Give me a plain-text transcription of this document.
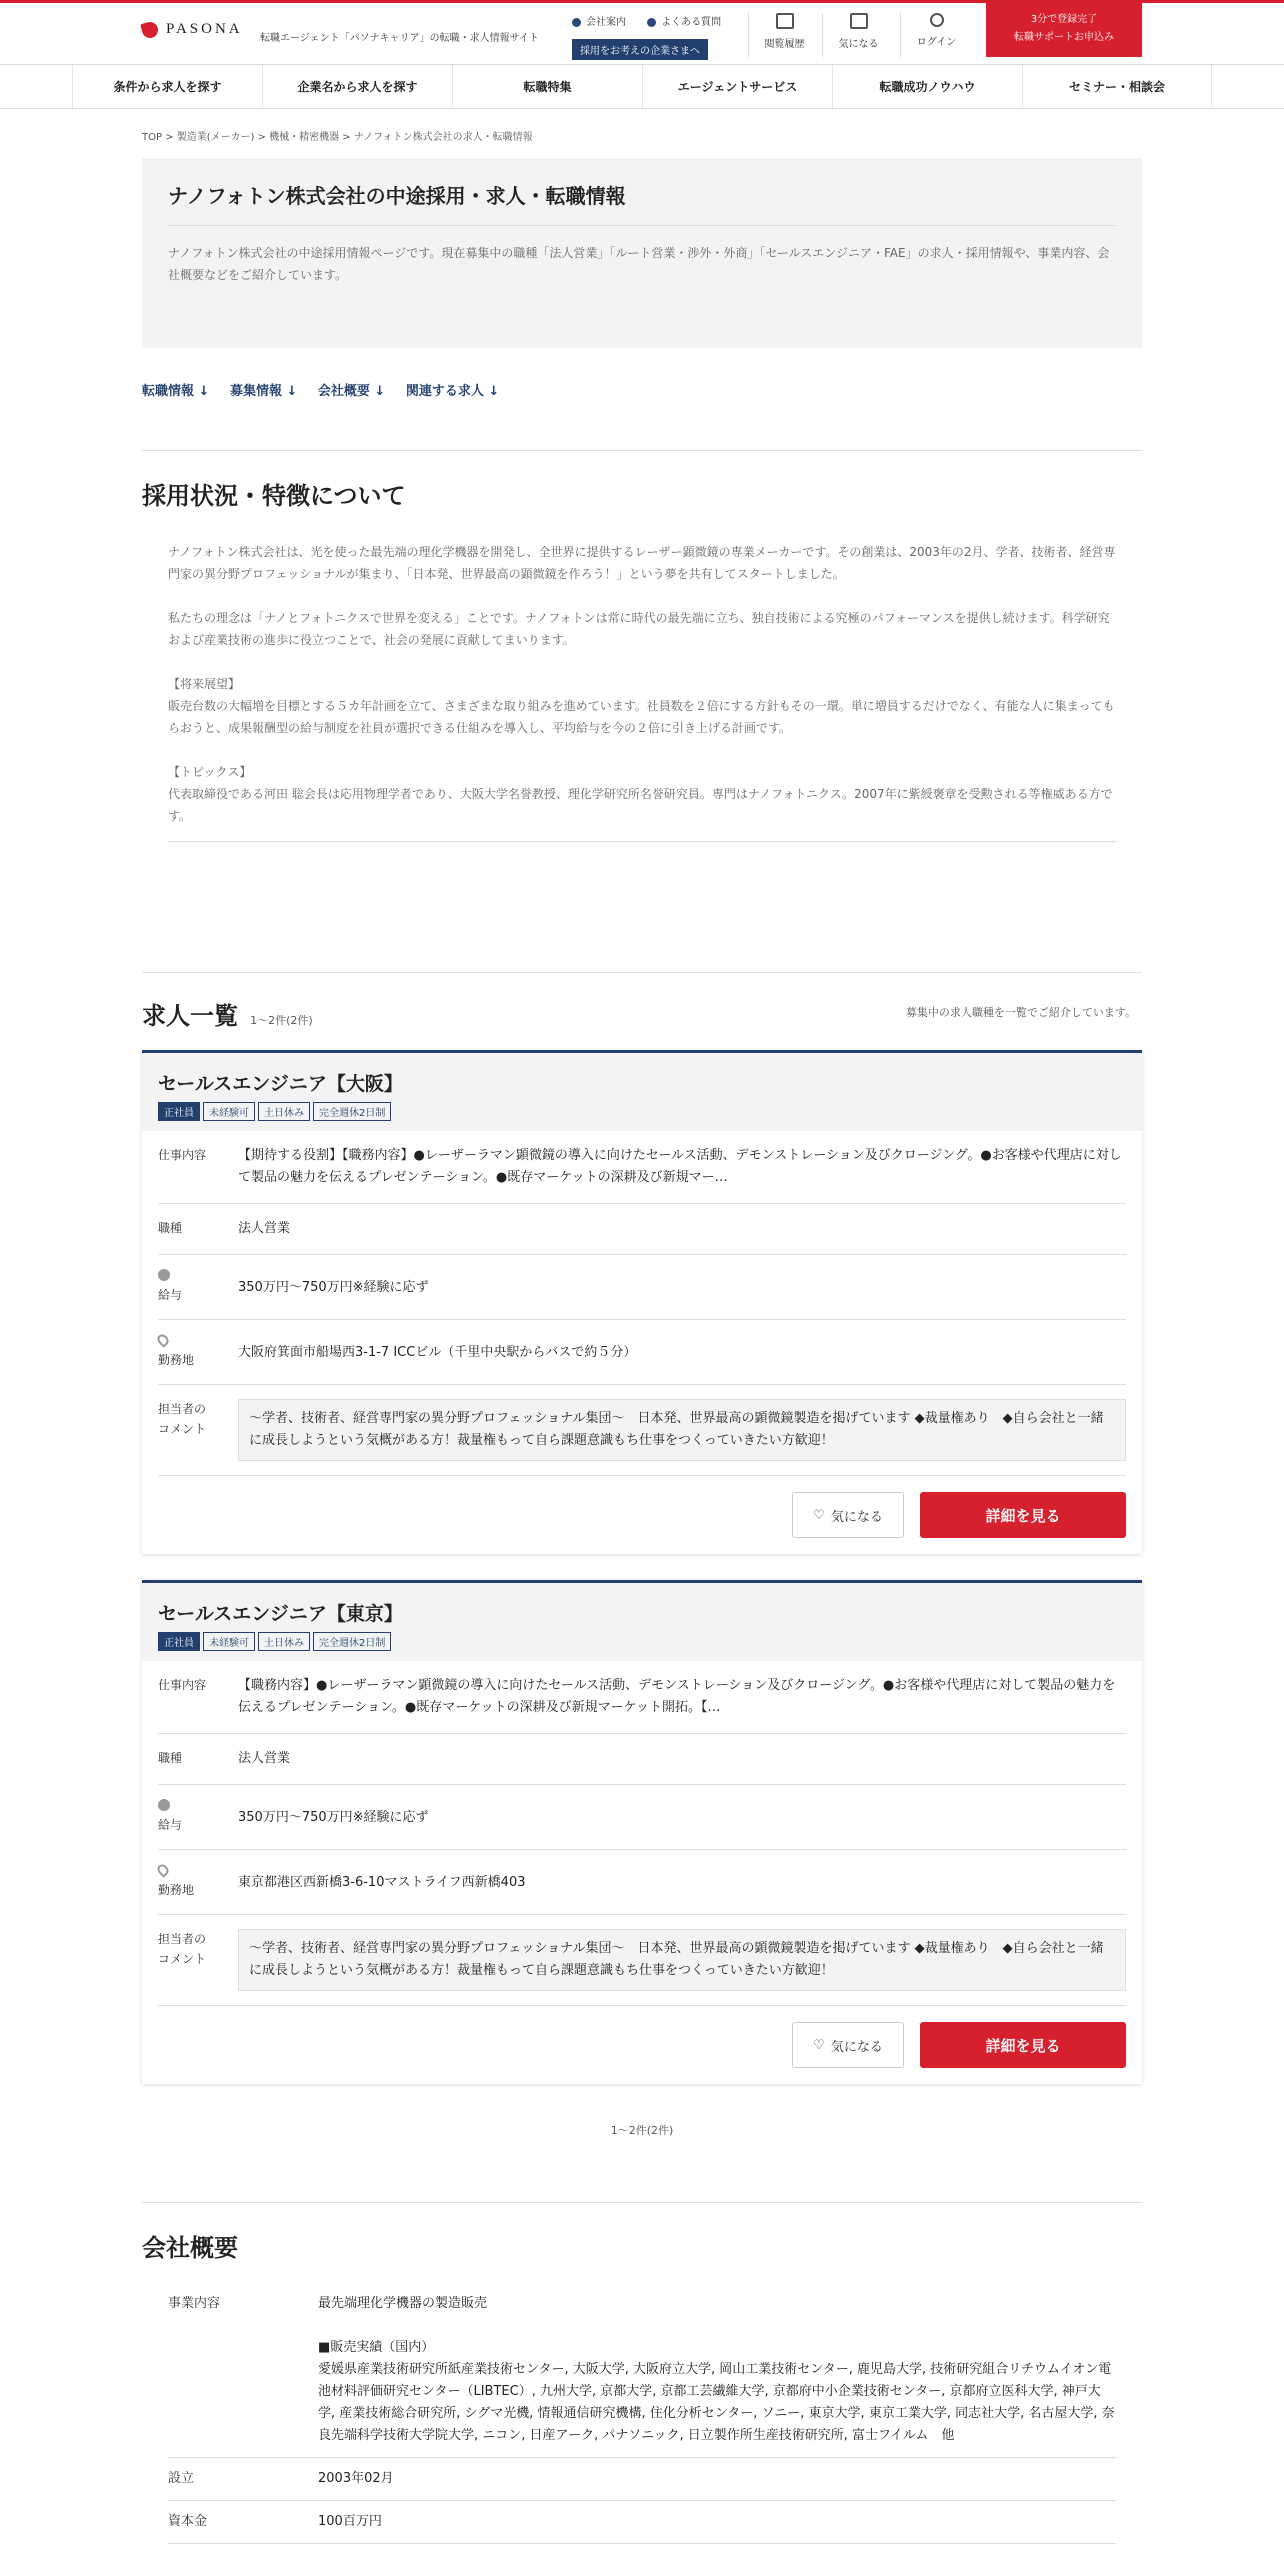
PASONA
転職エージェント「パソナキャリア」の転職・求人情報サイト
会社案内	よくある質問
採用をお考えの企業さまへ
閲覧履歴	気になる	ログイン
3分で登録完了
転職サポートお申込み
条件から求人を探す	企業名から求人を探す	転職特集	エージェントサービス	転職成功ノウハウ	セミナー・相談会
TOP > 製造業(メーカー) > 機械・精密機器 > ナノフォトン株式会社の求人・転職情報
ナノフォトン株式会社の中途採用・求人・転職情報

ナノフォトン株式会社の中途採用情報ページです。現在募集中の職種「法人営業」「ルート営業・渉外・外商」「セールスエンジニア・FAE」の求人・採用情報や、事業内容、会社概要などをご紹介しています。

転職情報 ↓ 募集情報 ↓ 会社概要 ↓ 関連する求人 ↓
採用状況・特徴について

ナノフォトン株式会社は、光を使った最先端の理化学機器を開発し、全世界に提供するレーザー顕微鏡の専業メーカーです。その創業は、2003年の2月、学者、技術者、経営専門家の異分野プロフェッショナルが集まり、「日本発、世界最高の顕微鏡を作ろう！」という夢を共有してスタートしました。

私たちの理念は「ナノとフォトニクスで世界を変える」ことです。ナノフォトンは常に時代の最先端に立ち、独自技術による究極のパフォーマンスを提供し続けます。科学研究および産業技術の進歩に役立つことで、社会の発展に貢献してまいります。

【将来展望】
販売台数の大幅増を目標とする５カ年計画を立て、さまざまな取り組みを進めています。社員数を２倍にする方針もその一環。単に増員するだけでなく、有能な人に集まってもらおうと、成果報酬型の給与制度を社員が選択できる仕組みを導入し、平均給与を今の２倍に引き上げる計画です。

【トピックス】
代表取締役である河田 聡会長は応用物理学者であり、大阪大学名誉教授、理化学研究所名誉研究員。専門はナノフォトニクス。2007年に紫綬褒章を受勲される等権威ある方です。

求人一覧 1～2件(2件)
募集中の求人職種を一覧でご紹介しています。
セールスエンジニア【大阪】
正社員 未経験可 土日休み 完全週休2日制
仕事内容	【期待する役割】【職務内容】●レーザーラマン顕微鏡の導入に向けたセールス活動、デモンストレーション及びクロージング。●お客様や代理店に対して製品の魅力を伝えるプレゼンテーション。●既存マーケットの深耕及び新規マー…
職種	法人営業
給与	350万円〜750万円※経験に応ず
勤務地	大阪府箕面市船場西3-1-7 ICCビル（千里中央駅からバスで約５分）
担当者の
コメント
～学者、技術者、経営専門家の異分野プロフェッショナル集団～　日本発、世界最高の顕微鏡製造を掲げています ◆裁量権あり　◆自ら会社と一緒に成長しようという気概がある方！裁量権もって自ら課題意識もち仕事をつくっていきたい方歓迎！
♡ 気になる	詳細を見る
セールスエンジニア【東京】
正社員 未経験可 土日休み 完全週休2日制
仕事内容	【職務内容】●レーザーラマン顕微鏡の導入に向けたセールス活動、デモンストレーション及びクロージング。●お客様や代理店に対して製品の魅力を伝えるプレゼンテーション。●既存マーケットの深耕及び新規マーケット開拓。【…
職種	法人営業
給与	350万円〜750万円※経験に応ず
勤務地	東京都港区西新橋3-6-10マストライフ西新橋403
担当者の
コメント
～学者、技術者、経営専門家の異分野プロフェッショナル集団～　日本発、世界最高の顕微鏡製造を掲げています ◆裁量権あり　◆自ら会社と一緒に成長しようという気概がある方！裁量権もって自ら課題意識もち仕事をつくっていきたい方歓迎！
♡ 気になる	詳細を見る
1～2件(2件)
会社概要
事業内容	最先端理化学機器の製造販売

■販売実績（国内）
愛媛県産業技術研究所紙産業技術センター, 大阪大学, 大阪府立大学, 岡山工業技術センター, 鹿児島大学, 技術研究組合リチウムイオン電池材料評価研究センター（LIBTEC）, 九州大学, 京都大学, 京都工芸繊維大学, 京都府中小企業技術センター, 京都府立医科大学, 神戸大学, 産業技術総合研究所, シグマ光機, 情報通信研究機構, 住化分析センター, ソニー, 東京大学, 東京工業大学, 同志社大学, 名古屋大学, 奈良先端科学技術大学院大学, ニコン, 日産アーク, パナソニック, 日立製作所生産技術研究所, 富士フイルム　他
設立	2003年02月
資本金	100百万円
